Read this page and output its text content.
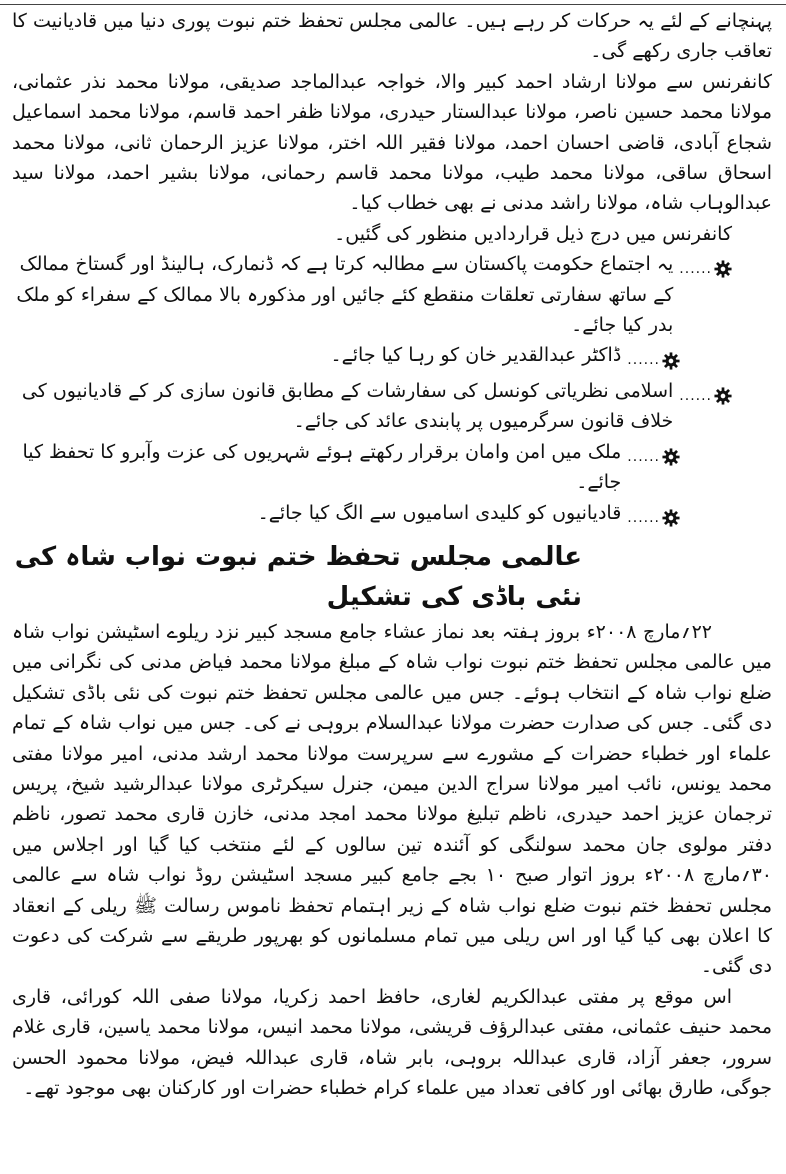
پہنچانے کے لئے یہ حرکات کر رہے ہیں۔ عالمی مجلس تحفظ ختم نبوت پوری دنیا میں قادیانیت کا تعاقب جاری رکھے گی۔

کانفرنس سے مولانا ارشاد احمد کبیر والا، خواجہ عبدالماجد صدیقی، مولانا محمد نذر عثمانی، مولانا محمد حسین ناصر، مولانا عبدالستار حیدری، مولانا ظفر احمد قاسم، مولانا محمد اسماعیل شجاع آبادی، قاضی احسان احمد، مولانا فقیر اللہ اختر، مولانا عزیز الرحمان ثانی، مولانا محمد اسحاق ساقی، مولانا محمد طیب، مولانا محمد قاسم رحمانی، مولانا بشیر احمد، مولانا سید عبدالوہاب شاہ، مولانا راشد مدنی نے بھی خطاب کیا۔

کانفرنس میں درج ذیل قراردادیں منظور کی گئیں۔

......
یہ اجتماع حکومت پاکستان سے مطالبہ کرتا ہے کہ ڈنمارک، ہالینڈ اور گستاخ ممالک کے ساتھ سفارتی تعلقات منقطع کئے جائیں اور مذکورہ بالا ممالک کے سفراء کو ملک بدر کیا جائے۔
......
ڈاکٹر عبدالقدیر خان کو رہا کیا جائے۔
......
اسلامی نظریاتی کونسل کی سفارشات کے مطابق قانون سازی کر کے قادیانیوں کی خلاف قانون سرگرمیوں پر پابندی عائد کی جائے۔
......
ملک میں امن وامان برقرار رکھتے ہوئے شہریوں کی عزت وآبرو کا تحفظ کیا جائے۔
......
قادیانیوں کو کلیدی اسامیوں سے الگ کیا جائے۔
عالمی مجلس تحفظ ختم نبوت نواب شاہ کی نئی باڈی کی تشکیل

۲۲؍مارچ ۲۰۰۸ء بروز ہفتہ بعد نماز عشاء جامع مسجد کبیر نزد ریلوے اسٹیشن نواب شاہ میں عالمی مجلس تحفظ ختم نبوت نواب شاہ کے مبلغ مولانا محمد فیاض مدنی کی نگرانی میں ضلع نواب شاہ کے انتخاب ہوئے۔ جس میں عالمی مجلس تحفظ ختم نبوت کی نئی باڈی تشکیل دی گئی۔ جس کی صدارت حضرت مولانا عبدالسلام بروہی نے کی۔ جس میں نواب شاہ کے تمام علماء اور خطباء حضرات کے مشورے سے سرپرست مولانا محمد ارشد مدنی، امیر مولانا مفتی محمد یونس، نائب امیر مولانا سراج الدین میمن، جنرل سیکرٹری مولانا عبدالرشید شیخ، پریس ترجمان عزیز احمد حیدری، ناظم تبلیغ مولانا محمد امجد مدنی، خازن قاری محمد تصور، ناظم دفتر مولوی جان محمد سولنگی کو آئندہ تین سالوں کے لئے منتخب کیا گیا اور اجلاس میں ۳۰؍مارچ ۲۰۰۸ء بروز اتوار صبح ۱۰ بجے جامع کبیر مسجد اسٹیشن روڈ نواب شاہ سے عالمی مجلس تحفظ ختم نبوت ضلع نواب شاہ کے زیر اہتمام تحفظ ناموس رسالت ﷺ ریلی کے انعقاد کا اعلان بھی کیا گیا اور اس ریلی میں تمام مسلمانوں کو بھرپور طریقے سے شرکت کی دعوت دی گئی۔

اس موقع پر مفتی عبدالکریم لغاری، حافظ احمد زکریا، مولانا صفی اللہ کورائی، قاری محمد حنیف عثمانی، مفتی عبدالرؤف قریشی، مولانا محمد انیس، مولانا محمد یاسین، قاری غلام سرور، جعفر آزاد، قاری عبداللہ بروہی، بابر شاہ، قاری عبداللہ فیض، مولانا محمود الحسن جوگی، طارق بھائی اور کافی تعداد میں علماء کرام خطباء حضرات اور کارکنان بھی موجود تھے۔
